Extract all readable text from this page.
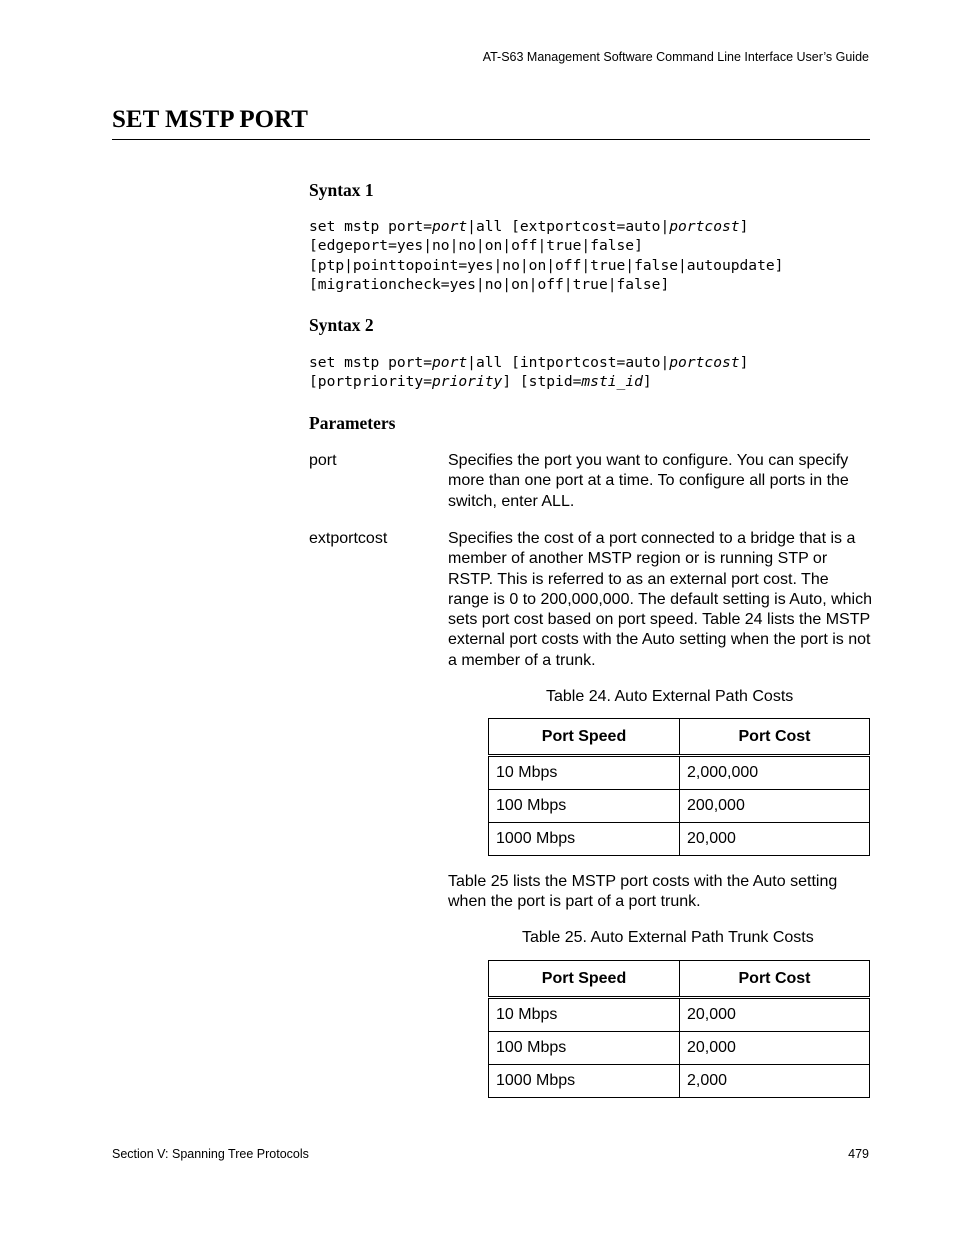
AT-S63 Management Software Command Line Interface User’s Guide
SET MSTP PORT
Syntax 1
set mstp port=port|all [extportcost=auto|portcost]
[edgeport=yes|no|no|on|off|true|false]
[ptp|pointtopoint=yes|no|on|off|true|false|autoupdate]
[migrationcheck=yes|no|on|off|true|false]
Syntax 2
set mstp port=port|all [intportcost=auto|portcost]
[portpriority=priority] [stpid=msti_id]
Parameters
port	Specifies the port you want to configure. You can specify more than one port at a time. To configure all ports in the switch, enter ALL.
extportcost	Specifies the cost of a port connected to a bridge that is a member of another MSTP region or is running STP or RSTP. This is referred to as an external port cost. The range is 0 to 200,000,000. The default setting is Auto, which sets port cost based on port speed. Table 24 lists the MSTP external port costs with the Auto setting when the port is not a member of a trunk.
Table 24. Auto External Path Costs
Port Speed	Port Cost
10 Mbps	2,000,000
100 Mbps	200,000
1000 Mbps	20,000
Table 25 lists the MSTP port costs with the Auto setting when the port is part of a port trunk.
Table 25. Auto External Path Trunk Costs
Port Speed	Port Cost
10 Mbps	20,000
100 Mbps	20,000
1000 Mbps	2,000
Section V: Spanning Tree Protocols	479
